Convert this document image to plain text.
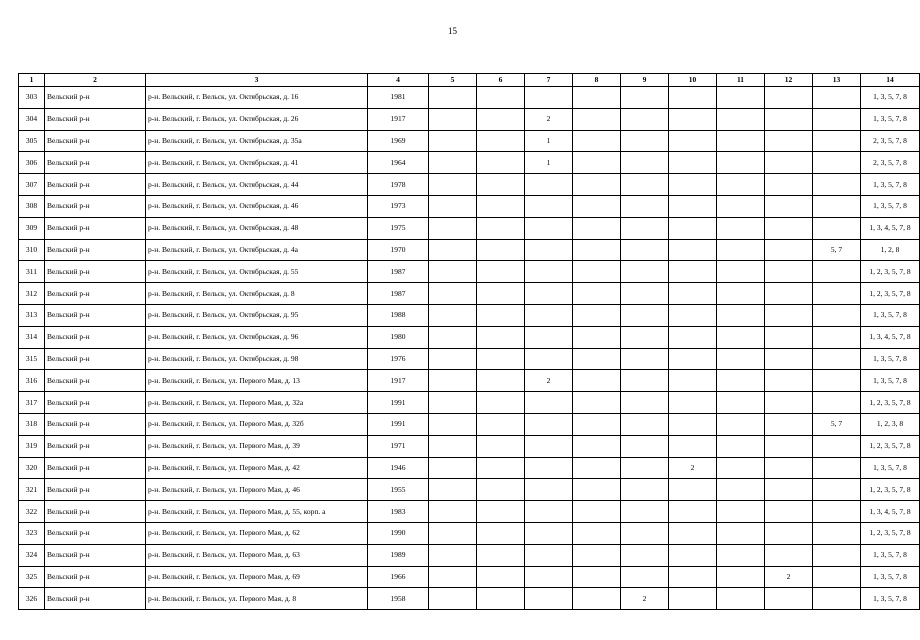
15
1	2	3	4	5	6	7	8	9	10	11	12	13	14
303	Вельский р-н	р-н. Вельский, г. Вельск, ул. Октябрьская, д. 16	1981										1, 3, 5, 7, 8
304	Вельский р-н	р-н. Вельский, г. Вельск, ул. Октябрьская, д. 26	1917			2							1, 3, 5, 7, 8
305	Вельский р-н	р-н. Вельский, г. Вельск, ул. Октябрьская, д. 35а	1969			1							2, 3, 5, 7, 8
306	Вельский р-н	р-н. Вельский, г. Вельск, ул. Октябрьская, д. 41	1964			1							2, 3, 5, 7, 8
307	Вельский р-н	р-н. Вельский, г. Вельск, ул. Октябрьская, д. 44	1978										1, 3, 5, 7, 8
308	Вельский р-н	р-н. Вельский, г. Вельск, ул. Октябрьская, д. 46	1973										1, 3, 5, 7, 8
309	Вельский р-н	р-н. Вельский, г. Вельск, ул. Октябрьская, д. 48	1975										1, 3, 4, 5, 7, 8
310	Вельский р-н	р-н. Вельский, г. Вельск, ул. Октябрьская, д. 4а	1970									5, 7	1, 2, 8
311	Вельский р-н	р-н. Вельский, г. Вельск, ул. Октябрьская, д. 55	1987										1, 2, 3, 5, 7, 8
312	Вельский р-н	р-н. Вельский, г. Вельск, ул. Октябрьская, д. 8	1987										1, 2, 3, 5, 7, 8
313	Вельский р-н	р-н. Вельский, г. Вельск, ул. Октябрьская, д. 95	1988										1, 3, 5, 7, 8
314	Вельский р-н	р-н. Вельский, г. Вельск, ул. Октябрьская, д. 96	1980										1, 3, 4, 5, 7, 8
315	Вельский р-н	р-н. Вельский, г. Вельск, ул. Октябрьская, д. 98	1976										1, 3, 5, 7, 8
316	Вельский р-н	р-н. Вельский, г. Вельск, ул. Первого Мая, д. 13	1917			2							1, 3, 5, 7, 8
317	Вельский р-н	р-н. Вельский, г. Вельск, ул. Первого Мая, д. 32а	1991										1, 2, 3, 5, 7, 8
318	Вельский р-н	р-н. Вельский, г. Вельск, ул. Первого Мая, д. 32б	1991									5, 7	1, 2, 3, 8
319	Вельский р-н	р-н. Вельский, г. Вельск, ул. Первого Мая, д. 39	1971										1, 2, 3, 5, 7, 8
320	Вельский р-н	р-н. Вельский, г. Вельск, ул. Первого Мая, д. 42	1946						2				1, 3, 5, 7, 8
321	Вельский р-н	р-н. Вельский, г. Вельск, ул. Первого Мая, д. 46	1955										1, 2, 3, 5, 7, 8
322	Вельский р-н	р-н. Вельский, г. Вельск, ул. Первого Мая, д. 55, корп. а	1983										1, 3, 4, 5, 7, 8
323	Вельский р-н	р-н. Вельский, г. Вельск, ул. Первого Мая, д. 62	1990										1, 2, 3, 5, 7, 8
324	Вельский р-н	р-н. Вельский, г. Вельск, ул. Первого Мая, д. 63	1989										1, 3, 5, 7, 8
325	Вельский р-н	р-н. Вельский, г. Вельск, ул. Первого Мая, д. 69	1966								2		1, 3, 5, 7, 8
326	Вельский р-н	р-н. Вельский, г. Вельск, ул. Первого Мая, д. 8	1958					2					1, 3, 5, 7, 8
